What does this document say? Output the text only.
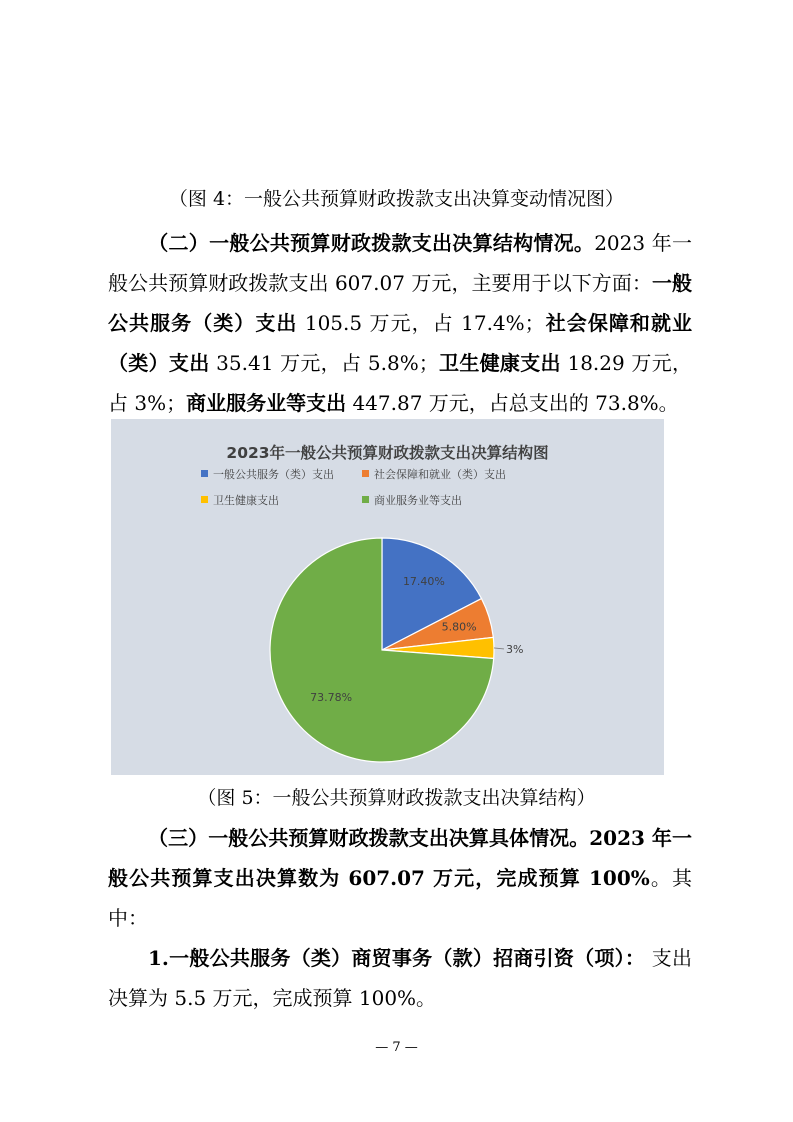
（图 4：一般公共预算财政拨款支出决算变动情况图）
（二）一般公共预算财政拨款支出决算结构情况。2023 年一般公共预算财政拨款支出 607.07 万元，主要用于以下方面：一般公共服务（类）支出 105.5 万元，占 17.4%；社会保障和就业（类）支出 35.41 万元，占 5.8%；卫生健康支出 18.29 万元，占 3%；商业服务业等支出 447.87 万元，占总支出的 73.8%。
2023年一般公共预算财政拨款支出决算结构图
一般公共服务（类）支出	社会保障和就业（类）支出
卫生健康支出	商业服务业等支出
17.40%
5.80%
3%
73.78%
（图 5：一般公共预算财政拨款支出决算结构）
（三）一般公共预算财政拨款支出决算具体情况。2023 年一般公共预算支出决算数为 607.07 万元，完成预算 100%。其中：
1.一般公共服务（类）商贸事务（款）招商引资（项）： 支出决算为 5.5 万元，完成预算 100%。
— 7 —
